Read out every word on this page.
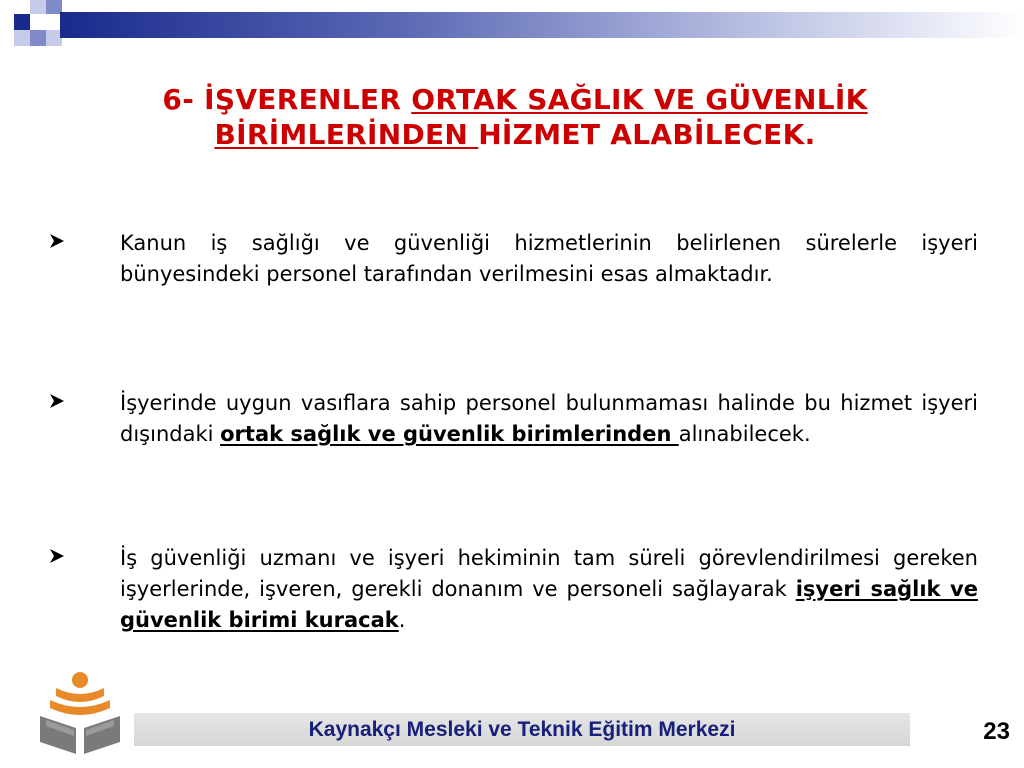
6- İŞVERENLER ORTAK SAĞLIK VE GÜVENLİK
BİRİMLERİNDEN HİZMET ALABİLECEK.
Kanun iş sağlığı ve güvenliği hizmetlerinin belirlenen sürelerle işyeri bünyesindeki personel tarafından verilmesini esas almaktadır.
İşyerinde uygun vasıflara sahip personel bulunmaması halinde bu hizmet işyeri dışındaki ortak sağlık ve güvenlik birimlerinden alınabilecek.
İş güvenliği uzmanı ve işyeri hekiminin tam süreli görevlendirilmesi gereken işyerlerinde, işveren, gerekli donanım ve personeli sağlayarak işyeri sağlık ve güvenlik birimi kuracak.
Kaynakçı Mesleki ve Teknik Eğitim Merkezi	23
